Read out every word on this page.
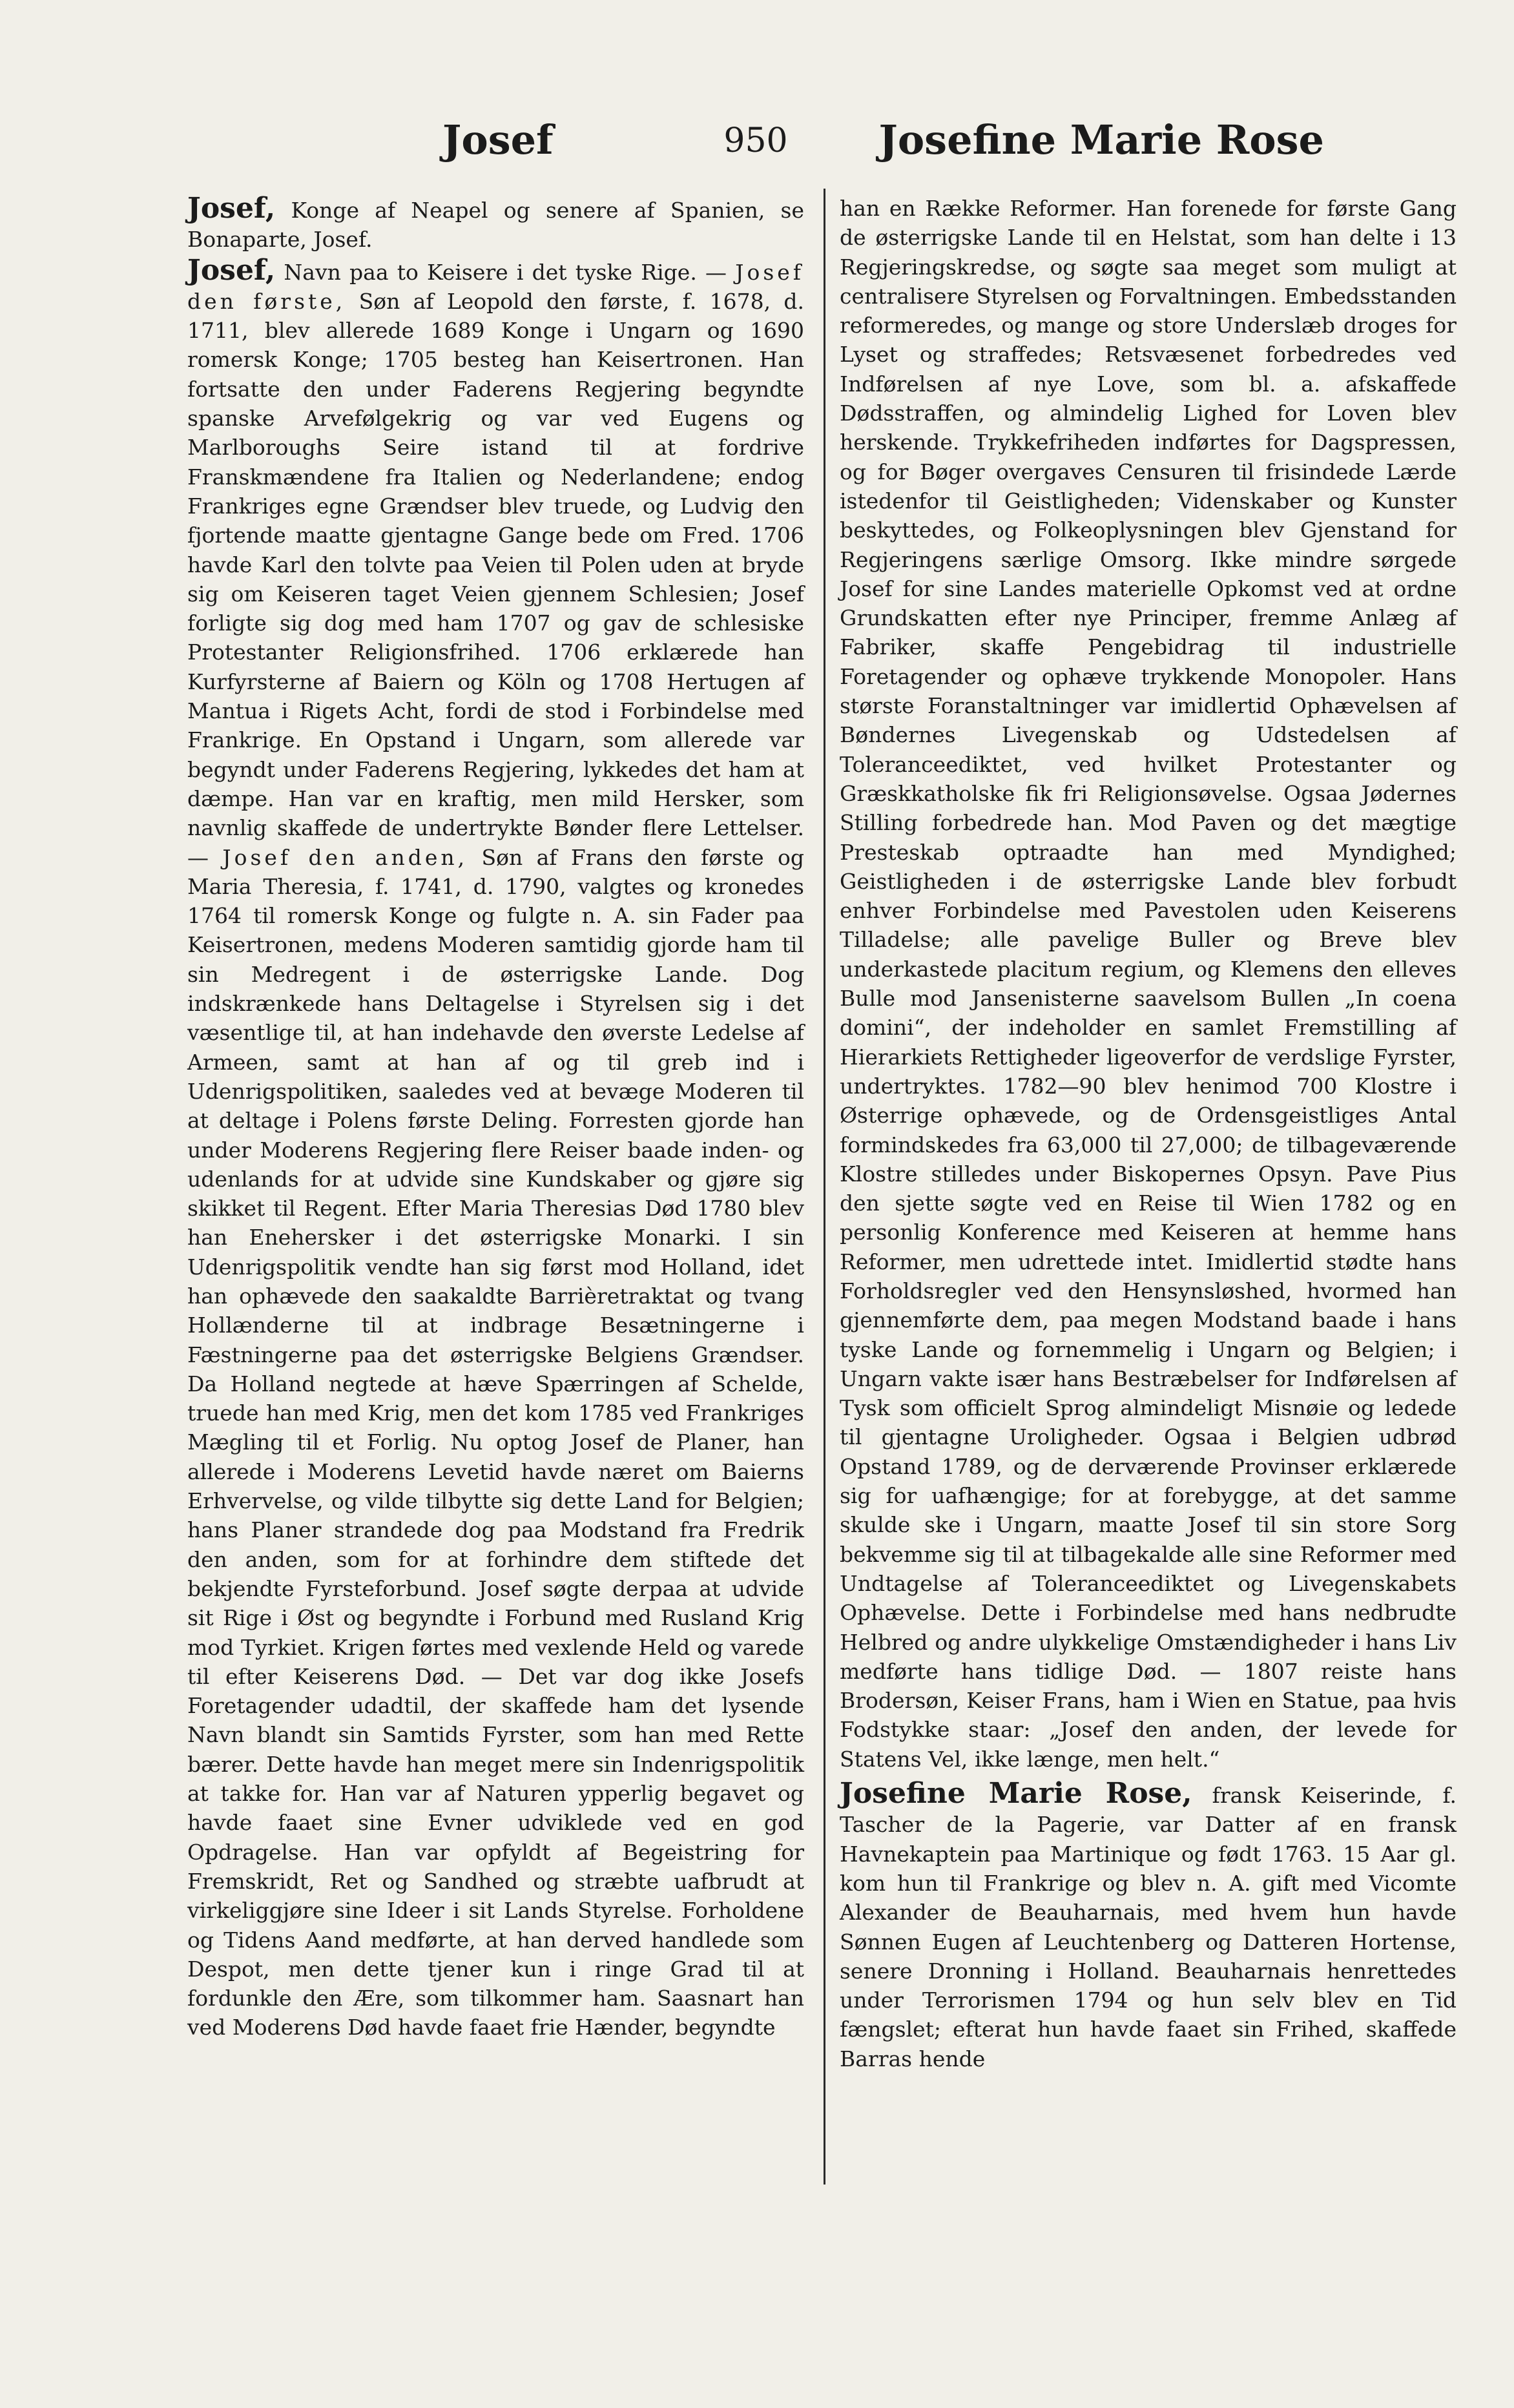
Josef	950	Josefine Marie Rose

Josef, Konge af Neapel og senere af Spanien, se Bonaparte, Josef.

Josef, Navn paa to Keisere i det tyske Rige. — Josef den første, Søn af Leopold den første, f. 1678, d. 1711, blev allerede 1689 Konge i Ungarn og 1690 romersk Konge; 1705 besteg han Keisertronen. Han fortsatte den under Faderens Regjering begyndte spanske Arvefølgekrig og var ved Eugens og Marlboroughs Seire istand til at fordrive Franskmændene fra Italien og Nederlandene; endog Frankriges egne Grændser blev truede, og Ludvig den fjortende maatte gjentagne Gange bede om Fred. 1706 havde Karl den tolvte paa Veien til Polen uden at bryde sig om Keiseren taget Veien gjennem Schlesien; Josef forligte sig dog med ham 1707 og gav de schlesiske Protestanter Religionsfrihed. 1706 erklærede han Kurfyrsterne af Baiern og Köln og 1708 Hertugen af Mantua i Rigets Acht, fordi de stod i Forbindelse med Frankrige. En Opstand i Ungarn, som allerede var begyndt under Faderens Regjering, lykkedes det ham at dæmpe. Han var en kraftig, men mild Hersker, som navnlig skaffede de undertrykte Bønder flere Lettelser. — Josef den anden, Søn af Frans den første og Maria Theresia, f. 1741, d. 1790, valgtes og kronedes 1764 til romersk Konge og fulgte n. A. sin Fader paa Keisertronen, medens Moderen samtidig gjorde ham til sin Medregent i de østerrigske Lande. Dog indskrænkede hans Deltagelse i Styrelsen sig i det væsentlige til, at han indehavde den øverste Ledelse af Armeen, samt at han af og til greb ind i Udenrigspolitiken, saaledes ved at bevæge Moderen til at deltage i Polens første Deling. Forresten gjorde han under Moderens Regjering flere Reiser baade inden- og udenlands for at udvide sine Kundskaber og gjøre sig skikket til Regent. Efter Maria Theresias Død 1780 blev han Enehersker i det østerrigske Monarki. I sin Udenrigspolitik vendte han sig først mod Holland, idet han ophævede den saakaldte Barrièretraktat og tvang Hollænderne til at indbrage Besætningerne i Fæstningerne paa det østerrigske Belgiens Grændser. Da Holland negtede at hæve Spærringen af Schelde, truede han med Krig, men det kom 1785 ved Frankriges Mægling til et Forlig. Nu optog Josef de Planer, han allerede i Moderens Levetid havde næret om Baierns Erhvervelse, og vilde tilbytte sig dette Land for Belgien; hans Planer strandede dog paa Modstand fra Fredrik den anden, som for at forhindre dem stiftede det bekjendte Fyrsteforbund. Josef søgte derpaa at udvide sit Rige i Øst og begyndte i Forbund med Rusland Krig mod Tyrkiet. Krigen førtes med vexlende Held og varede til efter Keiserens Død. — Det var dog ikke Josefs Foretagender udadtil, der skaffede ham det lysende Navn blandt sin Samtids Fyrster, som han med Rette bærer. Dette havde han meget mere sin Indenrigspolitik at takke for. Han var af Naturen ypperlig begavet og havde faaet sine Evner udviklede ved en god Opdragelse. Han var opfyldt af Begeistring for Fremskridt, Ret og Sandhed og stræbte uafbrudt at virkeliggjøre sine Ideer i sit Lands Styrelse. Forholdene og Tidens Aand medførte, at han derved handlede som Despot, men dette tjener kun i ringe Grad til at fordunkle den Ære, som tilkommer ham. Saasnart han ved Moderens Død havde faaet frie Hænder, begyndte

han en Række Reformer. Han forenede for første Gang de østerrigske Lande til en Helstat, som han delte i 13 Regjeringskredse, og søgte saa meget som muligt at centralisere Styrelsen og Forvaltningen. Embedsstanden reformeredes, og mange og store Underslæb droges for Lyset og straffedes; Retsvæsenet forbedredes ved Indførelsen af nye Love, som bl. a. afskaffede Dødsstraffen, og almindelig Lighed for Loven blev herskende. Trykkefriheden indførtes for Dagspressen, og for Bøger overgaves Censuren til frisindede Lærde istedenfor til Geistligheden; Videnskaber og Kunster beskyttedes, og Folkeoplysningen blev Gjenstand for Regjeringens særlige Omsorg. Ikke mindre sørgede Josef for sine Landes materielle Opkomst ved at ordne Grundskatten efter nye Principer, fremme Anlæg af Fabriker, skaffe Pengebidrag til industrielle Foretagender og ophæve trykkende Monopoler. Hans største Foranstaltninger var imidlertid Ophævelsen af Bøndernes Livegenskab og Udstedelsen af Toleranceediktet, ved hvilket Protestanter og Græskkatholske fik fri Religionsøvelse. Ogsaa Jødernes Stilling forbedrede han. Mod Paven og det mægtige Presteskab optraadte han med Myndighed; Geistligheden i de østerrigske Lande blev forbudt enhver Forbindelse med Pavestolen uden Keiserens Tilladelse; alle pavelige Buller og Breve blev underkastede placitum regium, og Klemens den elleves Bulle mod Jansenisterne saavelsom Bullen „In coena domini“, der indeholder en samlet Fremstilling af Hierarkiets Rettigheder ligeoverfor de verdslige Fyrster, undertryktes. 1782—90 blev henimod 700 Klostre i Østerrige ophævede, og de Ordensgeistliges Antal formindskedes fra 63,000 til 27,000; de tilbageværende Klostre stilledes under Biskopernes Opsyn. Pave Pius den sjette søgte ved en Reise til Wien 1782 og en personlig Konference med Keiseren at hemme hans Reformer, men udrettede intet. Imidlertid stødte hans Forholdsregler ved den Hensynsløshed, hvormed han gjennemførte dem, paa megen Modstand baade i hans tyske Lande og fornemmelig i Ungarn og Belgien; i Ungarn vakte især hans Bestræbelser for Indførelsen af Tysk som officielt Sprog almindeligt Misnøie og ledede til gjentagne Uroligheder. Ogsaa i Belgien udbrød Opstand 1789, og de derværende Provinser erklærede sig for uafhængige; for at forebygge, at det samme skulde ske i Ungarn, maatte Josef til sin store Sorg bekvemme sig til at tilbagekalde alle sine Reformer med Undtagelse af Toleranceediktet og Livegenskabets Ophævelse. Dette i Forbindelse med hans nedbrudte Helbred og andre ulykkelige Omstændigheder i hans Liv medførte hans tidlige Død. — 1807 reiste hans Brodersøn, Keiser Frans, ham i Wien en Statue, paa hvis Fodstykke staar: „Josef den anden, der levede for Statens Vel, ikke længe, men helt.“

Josefine Marie Rose, fransk Keiserinde, f. Tascher de la Pagerie, var Datter af en fransk Havnekaptein paa Martinique og født 1763. 15 Aar gl. kom hun til Frankrige og blev n. A. gift med Vicomte Alexander de Beauharnais, med hvem hun havde Sønnen Eugen af Leuchtenberg og Datteren Hortense, senere Dronning i Holland. Beauharnais henrettedes under Terrorismen 1794 og hun selv blev en Tid fængslet; efterat hun havde faaet sin Frihed, skaffede Barras hende
